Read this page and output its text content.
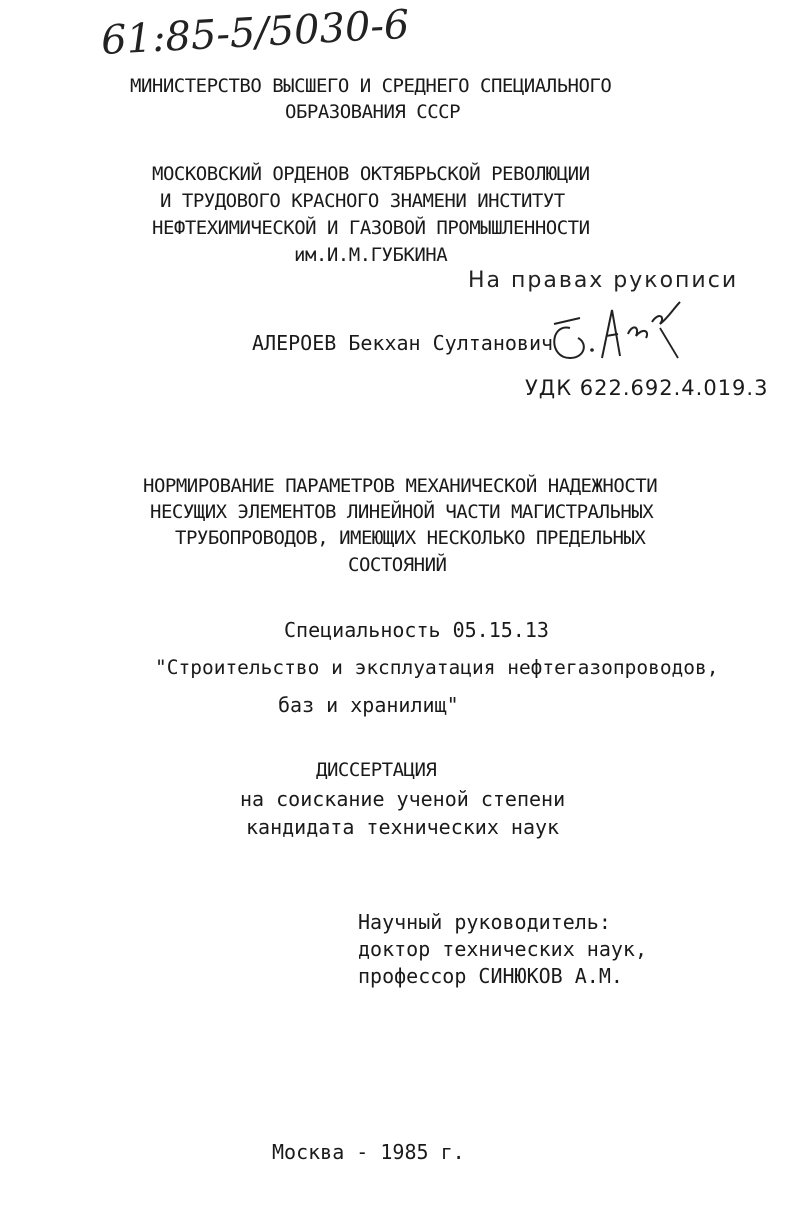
61:85-5/5030-6
МИНИСТЕРСТВО ВЫСШЕГО И СРЕДНЕГО СПЕЦИАЛЬНОГО
ОБРАЗОВАНИЯ СССР
МОСКОВСКИЙ ОРДЕНОВ ОКТЯБРЬСКОЙ РЕВОЛЮЦИИ
И ТРУДОВОГО КРАСНОГО ЗНАМЕНИ ИНСТИТУТ
НЕФТЕХИМИЧЕСКОЙ И ГАЗОВОЙ ПРОМЫШЛЕННОСТИ
им.И.М.ГУБКИНА
На правах рукописи
АЛЕРОЕВ Бекхан Султанович
УДК 622.692.4.019.3
НОРМИРОВАНИЕ ПАРАМЕТРОВ МЕХАНИЧЕСКОЙ НАДЕЖНОСТИ
НЕСУЩИХ ЭЛЕМЕНТОВ ЛИНЕЙНОЙ ЧАСТИ МАГИСТРАЛЬНЫХ
ТРУБОПРОВОДОВ, ИМЕЮЩИХ НЕСКОЛЬКО ПРЕДЕЛЬНЫХ
СОСТОЯНИЙ
Специальность 05.15.13
"Строительство и эксплуатация нефтегазопроводов,
баз и хранилищ"
ДИССЕРТАЦИЯ
на соискание ученой степени
кандидата технических наук
Научный руководитель:
доктор технических наук,
профессор СИНЮКОВ А.М.
Москва - 1985 г.
